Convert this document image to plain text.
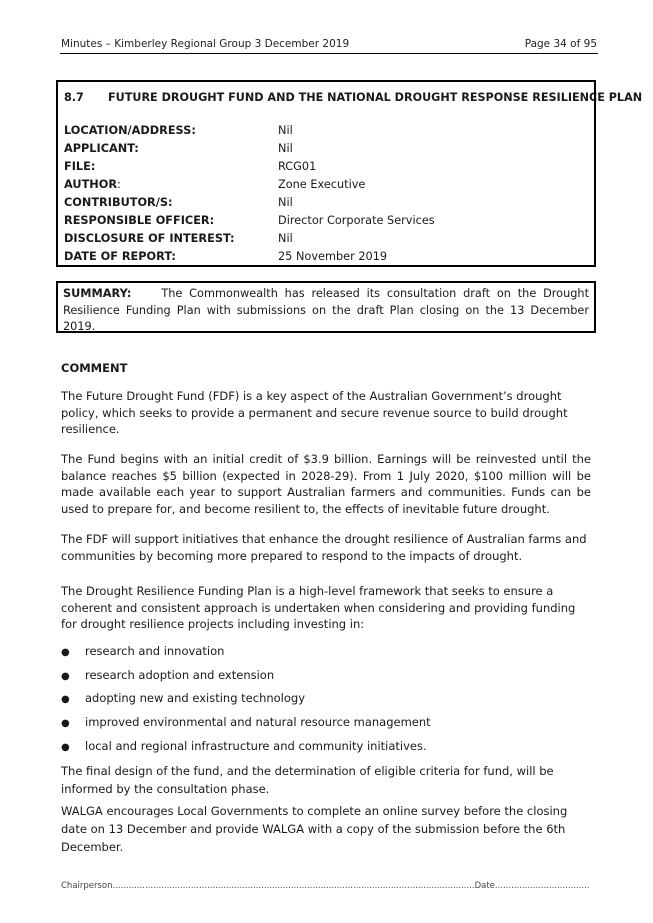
Minutes – Kimberley Regional Group 3 December 2019	Page 34 of 95
8.7 FUTURE DROUGHT FUND AND THE NATIONAL DROUGHT RESPONSE RESILIENCE PLAN
LOCATION/ADDRESS:	Nil
APPLICANT:	Nil
FILE:	RCG01
AUTHOR:	Zone Executive
CONTRIBUTOR/S:	Nil
RESPONSIBLE OFFICER:	Director Corporate Services
DISCLOSURE OF INTEREST:	Nil
DATE OF REPORT:	25 November 2019
SUMMARY:	The Commonwealth has released its consultation draft on the Drought Resilience Funding Plan with submissions on the draft Plan closing on the 13 December 2019.
COMMENT
The Future Drought Fund (FDF) is a key aspect of the Australian Government’s drought policy, which seeks to provide a permanent and secure revenue source to build drought resilience.
The Fund begins with an initial credit of $3.9 billion. Earnings will be reinvested until the balance reaches $5 billion (expected in 2028-29). From 1 July 2020, $100 million will be made available each year to support Australian farmers and communities. Funds can be used to prepare for, and become resilient to, the effects of inevitable future drought.
The FDF will support initiatives that enhance the drought resilience of Australian farms and communities by becoming more prepared to respond to the impacts of drought.
The Drought Resilience Funding Plan is a high-level framework that seeks to ensure a coherent and consistent approach is undertaken when considering and providing funding for drought resilience projects including investing in:
● research and innovation
● research adoption and extension
● adopting new and existing technology
● improved environmental and natural resource management
● local and regional infrastructure and community initiatives.
The final design of the fund, and the determination of eligible criteria for fund, will be informed by the consultation phase.
WALGA encourages Local Governments to complete an online survey before the closing date on 13 December and provide WALGA with a copy of the submission before the 6th December.
Chairperson......................................................................................................................................Date...................................
